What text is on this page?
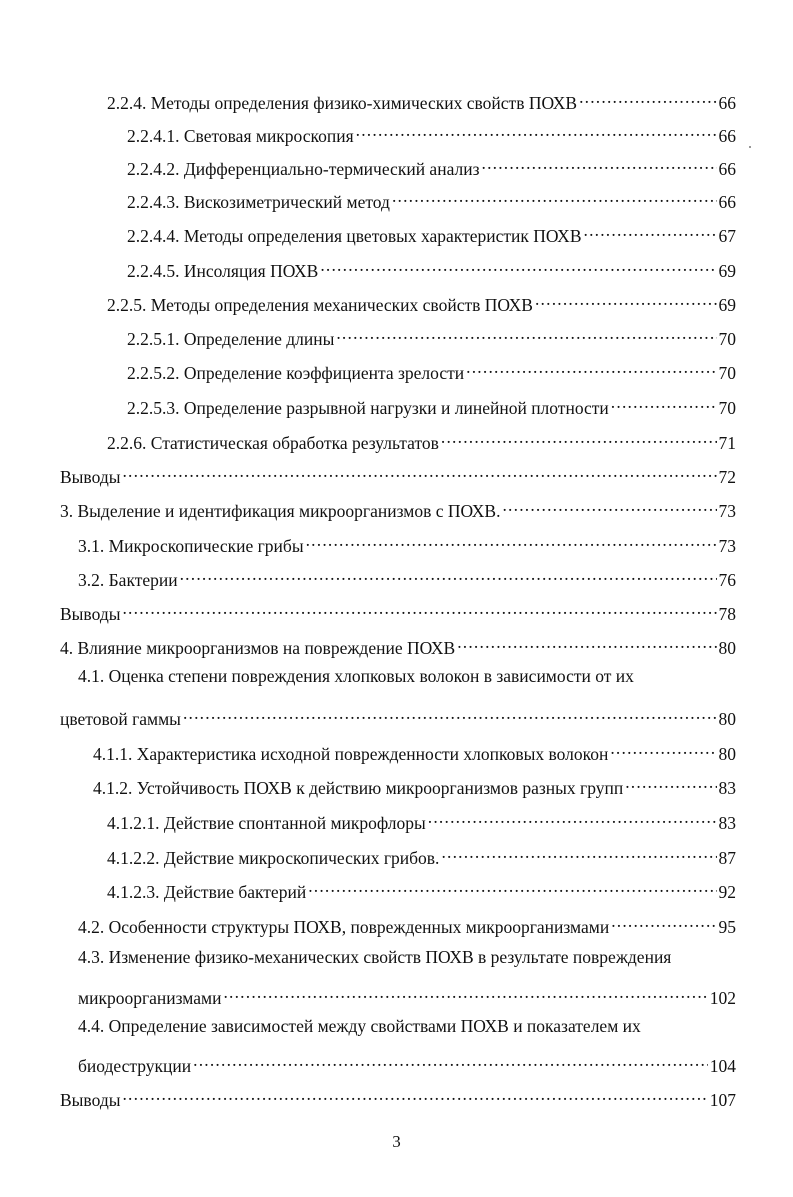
2.2.4. Методы определения физико-химических свойств ПОХВ .....	66
2.2.4.1. Световая микроскопия .....	66
2.2.4.2. Дифференциально-термический анализ .....	66
2.2.4.3. Вискозиметрический метод .....	66
2.2.4.4. Методы определения цветовых характеристик ПОХВ .....	67
2.2.4.5. Инсоляция ПОХВ .....	69
2.2.5. Методы определения механических свойств ПОХВ .....	69
2.2.5.1. Определение длины .....	70
2.2.5.2. Определение коэффициента зрелости .....	70
2.2.5.3. Определение разрывной нагрузки и линейной плотности .....	70
2.2.6. Статистическая обработка результатов .....	71
Выводы .....	72
3. Выделение и идентификация микроорганизмов с ПОХВ. .....	73
3.1. Микроскопические грибы .....	73
3.2. Бактерии .....	76
Выводы .....	78
4. Влияние микроорганизмов на повреждение ПОХВ .....	80
4.1. Оценка степени повреждения хлопковых волокон в зависимости от их
цветовой гаммы .....	80
4.1.1. Характеристика исходной поврежденности хлопковых волокон .....	80
4.1.2. Устойчивость ПОХВ к действию микроорганизмов разных групп .....	83
4.1.2.1. Действие спонтанной микрофлоры .....	83
4.1.2.2. Действие микроскопических грибов. .....	87
4.1.2.3. Действие бактерий .....	92
4.2. Особенности структуры ПОХВ, поврежденных микроорганизмами .....	95
4.3. Изменение физико-механических свойств ПОХВ в результате повреждения
микроорганизмами .....	102
4.4. Определение зависимостей между свойствами ПОХВ и показателем их
биодеструкции .....	104
Выводы .....	107
3
